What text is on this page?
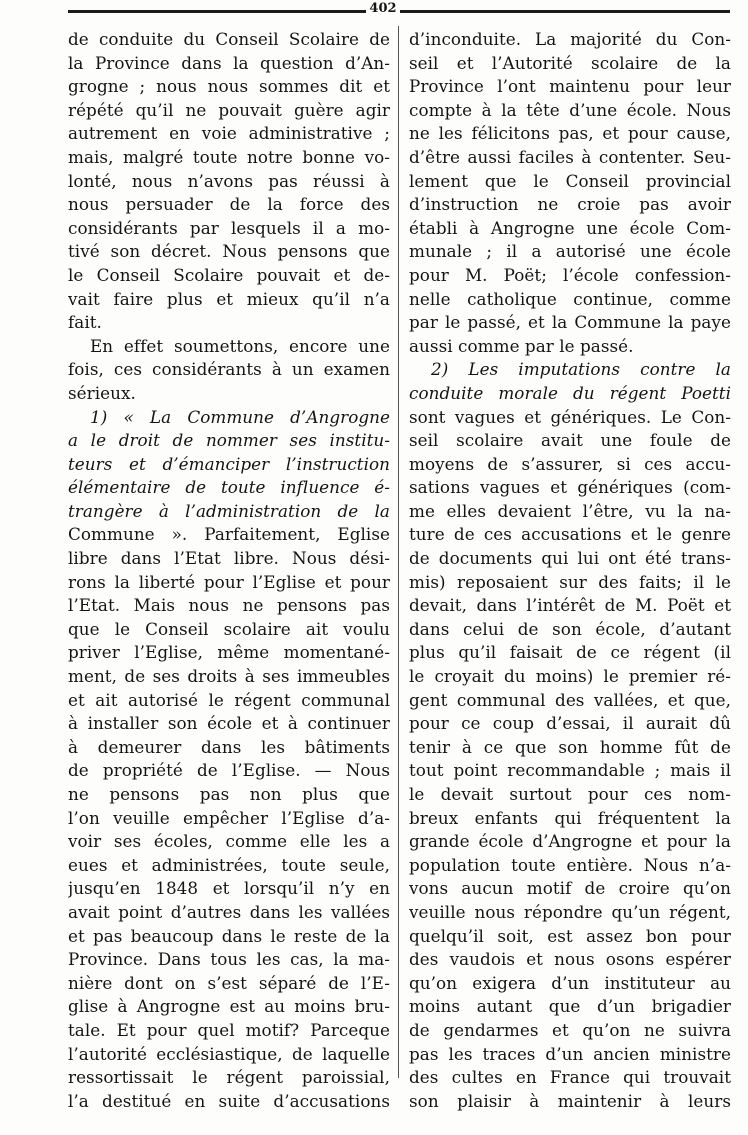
402
de conduite du Conseil Scolaire de
la Province dans la question d’An-
grogne ; nous nous sommes dit et
répété qu’il ne pouvait guère agir
autrement en voie administrative ;
mais, malgré toute notre bonne vo-
lonté, nous n’avons pas réussi à
nous persuader de la force des
considérants par lesquels il a mo-
tivé son décret. Nous pensons que
le Conseil Scolaire pouvait et de-
vait faire plus et mieux qu’il n’a
fait.
En effet soumettons, encore une
fois, ces considérants à un examen
sérieux.
1) « La Commune d’Angrogne
a le droit de nommer ses institu-
teurs et d’émanciper l’instruction
élémentaire de toute influence é-
trangère à l’administration de la
Commune ». Parfaitement, Eglise
libre dans l’Etat libre. Nous dési-
rons la liberté pour l’Eglise et pour
l’Etat. Mais nous ne pensons pas
que le Conseil scolaire ait voulu
priver l’Eglise, même momentané-
ment, de ses droits à ses immeubles
et ait autorisé le régent communal
à installer son école et à continuer
à demeurer dans les bâtiments
de propriété de l’Eglise. — Nous
ne pensons pas non plus que
l’on veuille empêcher l’Eglise d’a-
voir ses écoles, comme elle les a
eues et administrées, toute seule,
jusqu’en 1848 et lorsqu’il n’y en
avait point d’autres dans les vallées
et pas beaucoup dans le reste de la
Province. Dans tous les cas, la ma-
nière dont on s’est séparé de l’E-
glise à Angrogne est au moins bru-
tale. Et pour quel motif? Parceque
l’autorité ecclésiastique, de laquelle
ressortissait le régent paroissial,
l’a destitué en suite d’accusations
d’inconduite. La majorité du Con-
seil et l’Autorité scolaire de la
Province l’ont maintenu pour leur
compte à la tête d’une école. Nous
ne les félicitons pas, et pour cause,
d’être aussi faciles à contenter. Seu-
lement que le Conseil provincial
d’instruction ne croie pas avoir
établi à Angrogne une école Com-
munale ; il a autorisé une école
pour M. Poët; l’école confession-
nelle catholique continue, comme
par le passé, et la Commune la paye
aussi comme par le passé.
2) Les imputations contre la
conduite morale du régent Poetti
sont vagues et génériques. Le Con-
seil scolaire avait une foule de
moyens de s’assurer, si ces accu-
sations vagues et génériques (com-
me elles devaient l’être, vu la na-
ture de ces accusations et le genre
de documents qui lui ont été trans-
mis) reposaient sur des faits; il le
devait, dans l’intérêt de M. Poët et
dans celui de son école, d’autant
plus qu’il faisait de ce régent (il
le croyait du moins) le premier ré-
gent communal des vallées, et que,
pour ce coup d’essai, il aurait dû
tenir à ce que son homme fût de
tout point recommandable ; mais il
le devait surtout pour ces nom-
breux enfants qui fréquentent la
grande école d’Angrogne et pour la
population toute entière. Nous n’a-
vons aucun motif de croire qu’on
veuille nous répondre qu’un régent,
quelqu’il soit, est assez bon pour
des vaudois et nous osons espérer
qu’on exigera d’un instituteur au
moins autant que d’un brigadier
de gendarmes et qu’on ne suivra
pas les traces d’un ancien ministre
des cultes en France qui trouvait
son plaisir à maintenir à leurs
